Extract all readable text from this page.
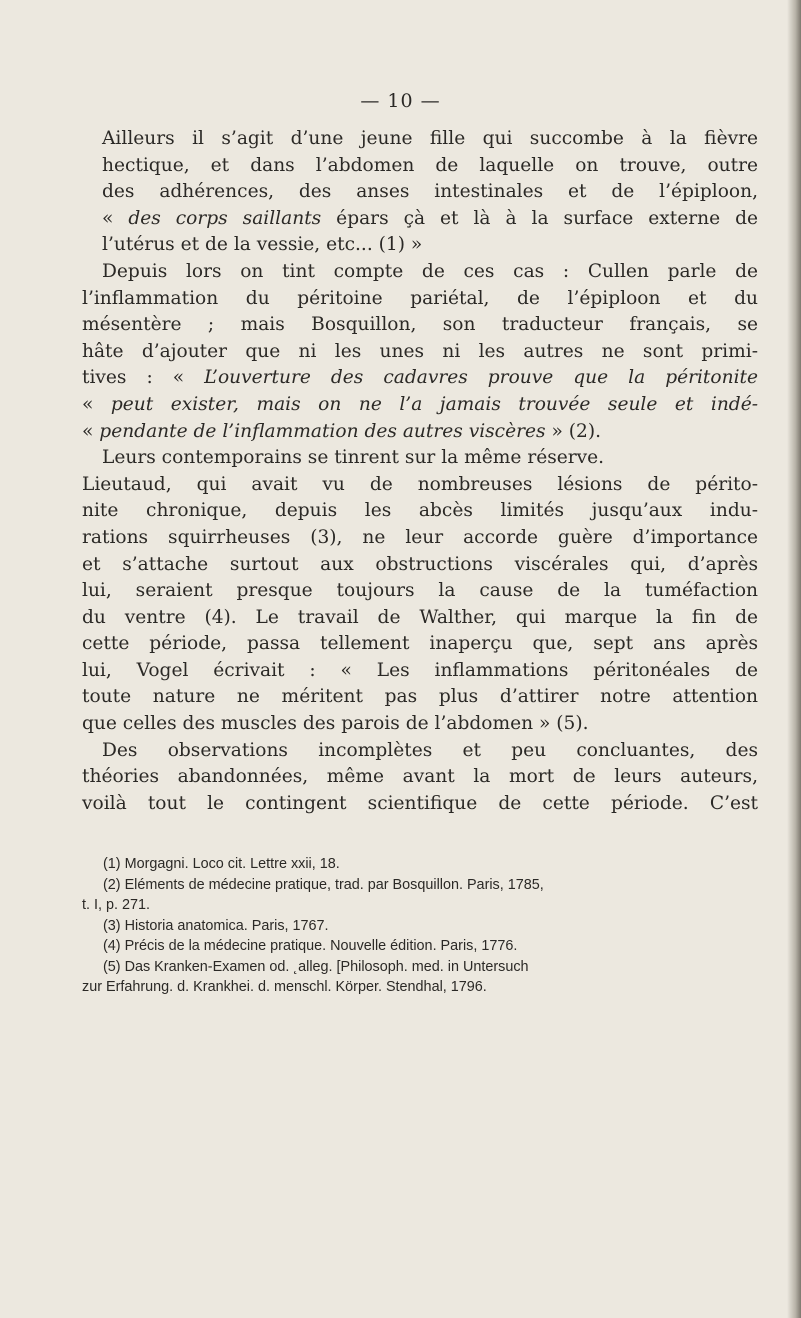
— 10 —

Ailleurs il s’agit d’une jeune fille qui succombe à la fièvre
hectique, et dans l’abdomen de laquelle on trouve, outre
des adhérences, des anses intestinales et de l’épiploon,
« des corps saillants épars çà et là à la surface externe de
l’utérus et de la vessie, etc... (1) »

Depuis lors on tint compte de ces cas : Cullen parle de
l’inflammation du péritoine pariétal, de l’épiploon et du
mésentère ; mais Bosquillon, son traducteur français, se
hâte d’ajouter que ni les unes ni les autres ne sont primi-
tives : « L’ouverture des cadavres prouve que la péritonite
« peut exister, mais on ne l’a jamais trouvée seule et indé-
« pendante de l’inflammation des autres viscères » (2).

Leurs contemporains se tinrent sur la même réserve.
Lieutaud, qui avait vu de nombreuses lésions de périto-
nite chronique, depuis les abcès limités jusqu’aux indu-
rations squirrheuses (3), ne leur accorde guère d’importance
et s’attache surtout aux obstructions viscérales qui, d’après
lui, seraient presque toujours la cause de la tuméfaction
du ventre (4). Le travail de Walther, qui marque la fin de
cette période, passa tellement inaperçu que, sept ans après
lui, Vogel écrivait : « Les inflammations péritonéales de
toute nature ne méritent pas plus d’attirer notre attention
que celles des muscles des parois de l’abdomen » (5).

Des observations incomplètes et peu concluantes, des
théories abandonnées, même avant la mort de leurs auteurs,
voilà tout le contingent scientifique de cette période. C’est

(1) Morgagni. Loco cit. Lettre xxii, 18.
(2) Eléments de médecine pratique, trad. par Bosquillon. Paris, 1785,
t. I, p. 271.
(3) Historia anatomica. Paris, 1767.
(4) Précis de la médecine pratique. Nouvelle édition. Paris, 1776.
(5) Das Kranken-Examen od. ˛alleg. [Philosoph. med. in Untersuch
zur Erfahrung. d. Krankhei. d. menschl. Körper. Stendhal, 1796.
